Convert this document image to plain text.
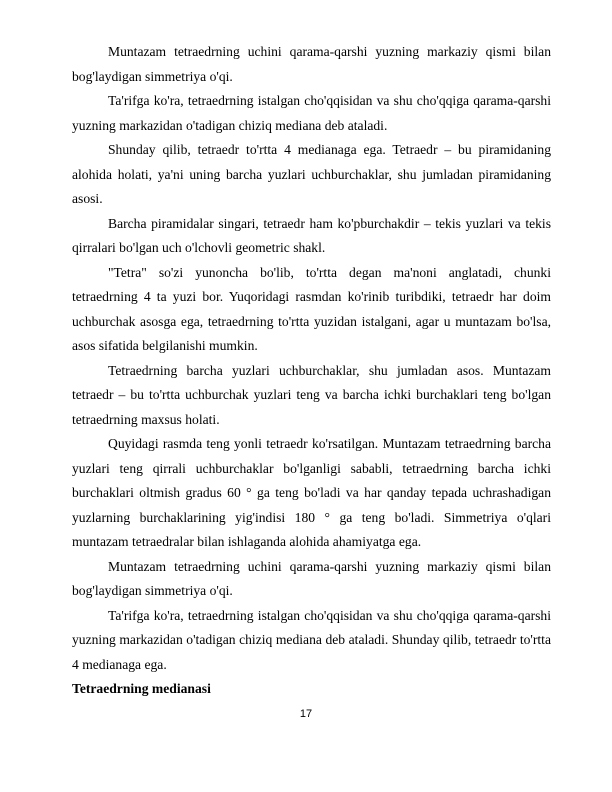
Muntazam tetraedrning uchini qarama-qarshi yuzning markaziy qismi bilan bog'laydigan simmetriya o'qi.

Ta'rifga ko'ra, tetraedrning istalgan cho'qqisidan va shu cho'qqiga qarama-qarshi yuzning markazidan o'tadigan chiziq mediana deb ataladi.

Shunday qilib, tetraedr to'rtta 4 medianaga ega. Tetraedr – bu piramidaning alohida holati, ya'ni uning barcha yuzlari uchburchaklar, shu jumladan piramidaning asosi.

Barcha piramidalar singari, tetraedr ham ko'pburchakdir – tekis yuzlari va tekis qirralari bo'lgan uch o'lchovli geometric shakl.

"Tetra" so'zi yunoncha bo'lib, to'rtta degan ma'noni anglatadi, chunki tetraedrning 4 ta yuzi bor. Yuqoridagi rasmdan ko'rinib turibdiki, tetraedr har doim uchburchak asosga ega, tetraedrning to'rtta yuzidan istalgani, agar u muntazam bo'lsa, asos sifatida belgilanishi mumkin.

Tetraedrning barcha yuzlari uchburchaklar, shu jumladan asos. Muntazam tetraedr – bu to'rtta uchburchak yuzlari teng va barcha ichki burchaklari teng bo'lgan tetraedrning maxsus holati.

Quyidagi rasmda teng yonli tetraedr ko'rsatilgan. Muntazam tetraedrning barcha yuzlari teng qirrali uchburchaklar bo'lganligi sababli, tetraedrning barcha ichki burchaklari oltmish gradus 60 ° ga teng bo'ladi va har qanday tepada uchrashadigan yuzlarning burchaklarining yig'indisi 180 ° ga teng bo'ladi. Simmetriya o'qlari muntazam tetraedralar bilan ishlaganda alohida ahamiyatga ega.

Muntazam tetraedrning uchini qarama-qarshi yuzning markaziy qismi bilan bog'laydigan simmetriya o'qi.

Ta'rifga ko'ra, tetraedrning istalgan cho'qqisidan va shu cho'qqiga qarama-qarshi yuzning markazidan o'tadigan chiziq mediana deb ataladi. Shunday qilib, tetraedr to'rtta 4 medianaga ega.

Tetraedrning medianasi

17
